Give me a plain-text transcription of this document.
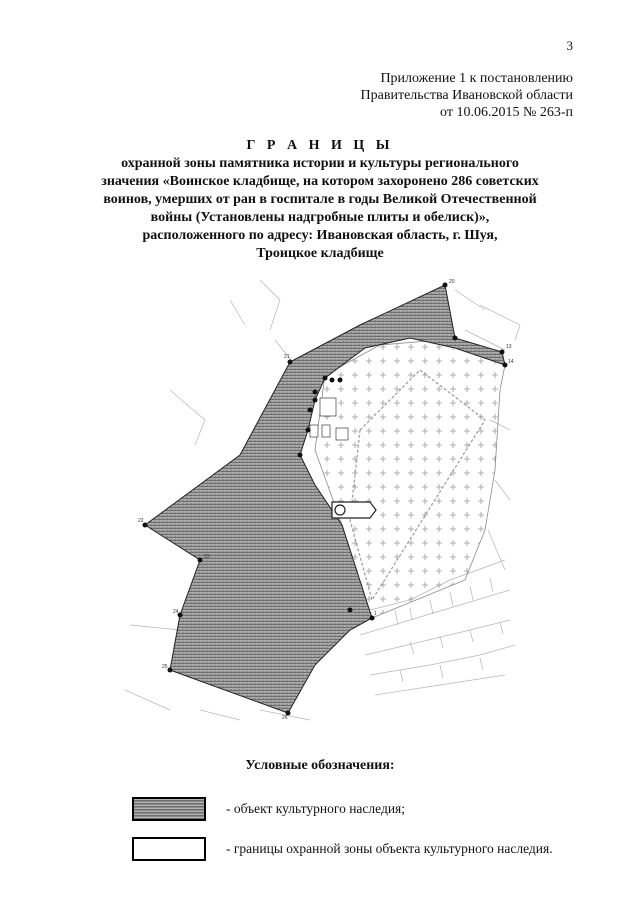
3
Приложение 1 к постановлению
Правительства Ивановской области
от 10.06.2015 № 263-п
Г Р А Н И Ц Ы
охранной зоны памятника истории и культуры регионального
значения «Воинское кладбище, на котором захоронено 286 советских
воинов, умерших от ран в госпитале в годы Великой Отечественной
войны (Установлены надгробные плиты и обелиск)»,
расположенного по адресу: Ивановская область, г. Шуя,
Троицкое кладбище
20
21
22
23
24
25
26
13
14
1
Условные обозначения:
- объект культурного наследия;
- границы охранной зоны объекта культурного наследия.
